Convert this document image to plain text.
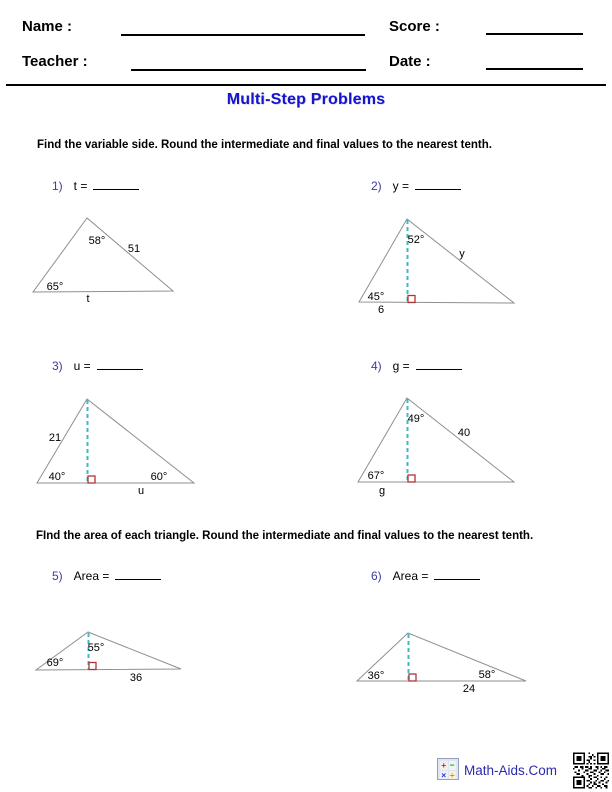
Name :	Score :
Teacher :	Date :
Multi-Step Problems
Find the variable side. Round the intermediate and final values to the nearest tenth.
1) t =	2) y =
58°
51
65°
t
52°
y
45°
6
3) u =	4) g =
21
40°	60°
u
49°
40
67°
g
FInd the area of each triangle. Round the intermediate and final values to the nearest tenth.
5) Area =	6) Area =
55°
69°
36	36°	58°
24
+ −
× ÷ Math-Aids.Com
